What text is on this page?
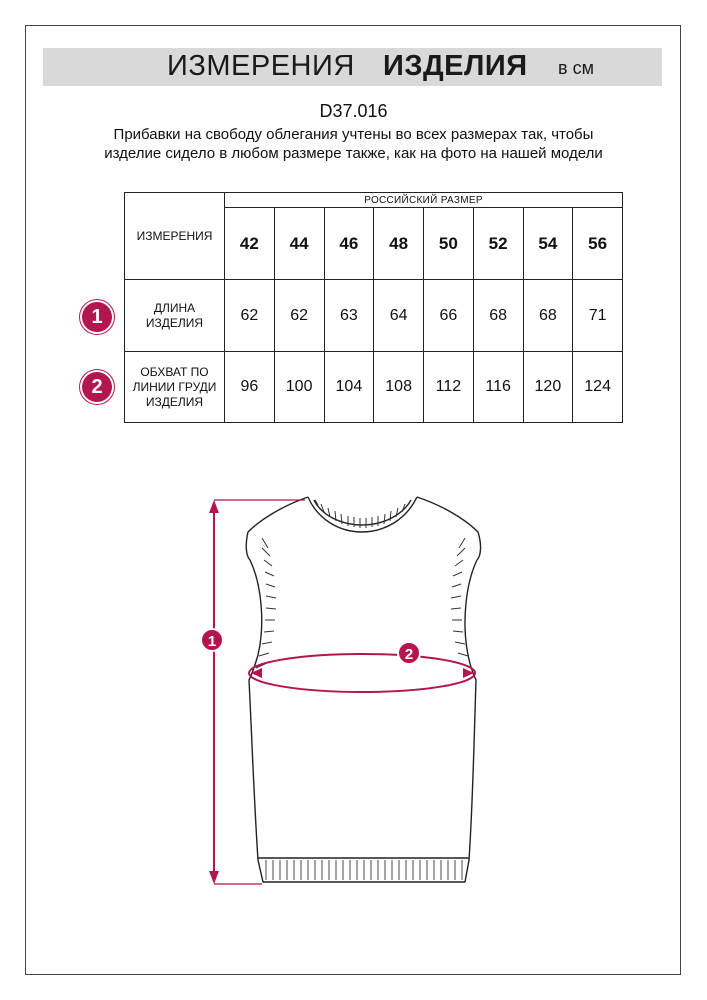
ИЗМЕРЕНИЯ ИЗДЕЛИЯ в см
D37.016
Прибавки на свободу облегания учтены во всех размерах так, чтобы изделие сидело в любом размере также, как на фото на нашей модели
ИЗМЕРЕНИЯ	РОССИЙСКИЙ РАЗМЕР							
	42	44	46	48	50	52	54	56
ДЛИНА
ИЗДЕЛИЯ	62	62	63	64	66	68	68	71
ОБХВАТ ПО
ЛИНИИ ГРУДИ
ИЗДЕЛИЯ	96	100	104	108	112	116	120	124
1
2
1
2
